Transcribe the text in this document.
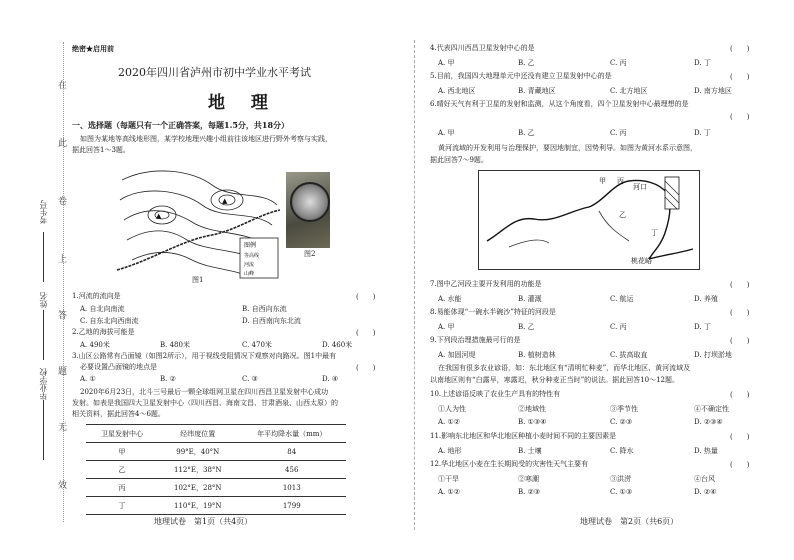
在
此
卷
上
答
题
无
效
考生号
姓名
毕业学校
绝密★启用前
2020年四川省泸州市初中学业水平考试
地 理
一、选择题（每题只有一个正确答案，每题1.5分，共18分）
如图为某地等高线地形图，某学校地理兴趣小组前往该地区进行野外考察与实践，
据此回答1～3题。
▲
▲
图例
等高线
河流
山峰
图1
图2
1.河流的流向是	(　　)
A. 自北向南流	B. 自西向东流
C. 自东北向西南流	D. 自西南向东北流
2.乙地的海拔可能是	(　　)
A. 490米	B. 480米	C. 470米	D. 460米
3.山区公路常有凸面镜（如图2所示），用于视线受阻情况下观察对向路况。图1中最有
必要设置凸面镜的地点是	(　　)
A. ①	B. ②	C. ③	D. ④
2020年6月23日，北斗三号最后一颗全球组网卫星在四川西昌卫星发射中心成功
发射。如表是我国四大卫星发射中心（四川西昌、海南文昌、甘肃酒泉、山西太原）的
相关资料，据此回答4～6题。
卫星发射中心	经纬度位置	年平均降水量（mm）
甲	99°E，40°N	84
乙	112°E，38°N	456
丙	102°E，28°N	1013
丁	110°E，19°N	1799
地理试卷　第1页（共4页）
4.代表四川西昌卫星发射中心的是	(　　)
A. 甲	B. 乙	C. 丙	D. 丁
5.目前，我国四大地理单元中还没有建立卫星发射中心的是	(　　)
A. 西北地区	B. 青藏地区	C. 北方地区	D. 南方地区
6.晴好天气有利于卫星的发射和监测，从这个角度看，四个卫星发射中心最理想的是
(　　)
A. 甲	B. 乙	C. 丙	D. 丁
黄河流域的开发利用与治理保护，要因地制宜，因势利导。如图为黄河水系示意图，
据此回答7～9题。
甲
乙
丙
丁
河口
桃花峪
7.图中乙河段主要开发利用的功能是	(　　)
A. 水能	B. 灌溉	C. 航运	D. 养殖
8.易能体现“一碗水半碗沙”特征的河段是	(　　)
A. 甲	B. 乙	C. 丙	D. 丁
9.下列段治理措施最可行的是	(　　)
A. 加固河堤	B. 植树造林	C. 拔高取直	D. 打坝淤地
在我国有很多农业谚语，如：东北地区有“清明忙种麦”，而华北地区、黄河流域及
以南地区则有“白露早，寒露迟，秋分种麦正当时”的说法。据此回答10～12题。
10.上述谚语反映了农业生产具有的特性有	(　　)
①人为性	②地域性	③季节性	④不确定性
A. ①②	B. ①③④	C. ②③	D. ②③④
11.影响东北地区和华北地区种植小麦时间不同的主要因素是	(　　)
A. 地形	B. 土壤	C. 降水	D. 热量
12.华北地区小麦在生长期间受的灾害性天气主要有	(　　)
①干旱	②寒潮	③洪涝	④台风
A. ①②	B. ②③	C. ①③	D. ②④
地理试卷　第2页（共6页）
